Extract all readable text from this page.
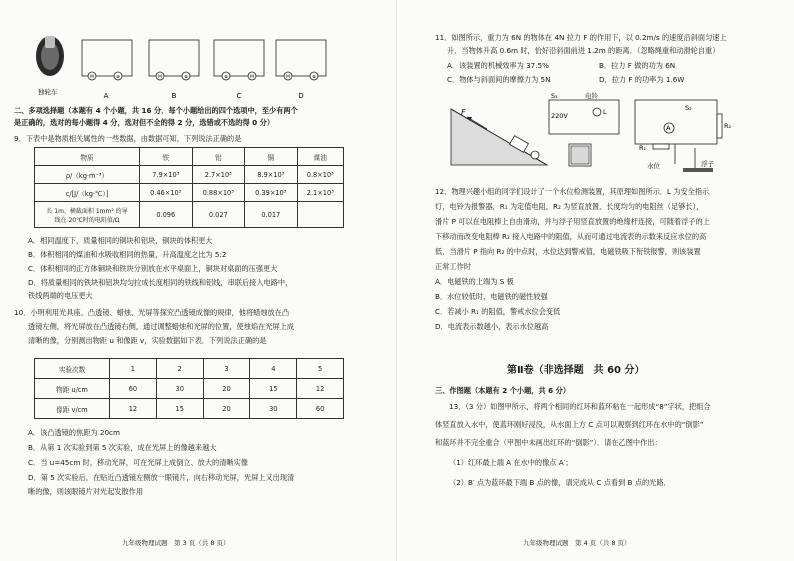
独轮车
M	⊗	M	⊗	⊗	M	M	⊗
A	B	C	D
二、多项选择题（本题有 4 个小题，共 16 分．每个小题给出的四个选项中，至少有两个
是正确的，选对的每小题得 4 分，选对但不全的得 2 分，选错或不选的得 0 分）
9．下表中是物质相关属性的一些数据，由数据可知，下列说法正确的是
物质	铁	铝	铜	煤油
ρ/（kg·m⁻³）	7.9×10³	2.7×10³	8.9×10³	0.8×10³
c/[J/（kg·℃）]	0.46×10³	0.88×10³	0.39×10³	2.1×10³
长 1m、横截面积 1mm² 的导
线在 20℃时的电阻值/Ω	0.096	0.027	0.017	
A．相同温度下，质量相同的铜块和铝块，铜块的体积更大
B．体积相同的煤油和水吸收相同的热量，升高温度之比为 5:2
C．体积相同的正方体铜块和铁块分别放在水平桌面上，铜块对桌面的压强更大
D．将质量相同的铁块和铝块均匀拉成长度相同的铁线和铝线，串联后接入电路中，
铁线两端的电压更大
10．小明利用光具座、凸透镜、蜡烛、光屏等探究凸透镜成像的规律，他将蜡烛放在凸
透镜左侧，将光屏放在凸透镜右侧，通过调整蜡烛和光屏的位置，使烛焰在光屏上成
清晰的像，分别测出物距 u 和像距 v，实验数据如下表．下列说法正确的是
实验次数	1	2	3	4	5
物距 u/cm	60	30	20	15	12
像距 v/cm	12	15	20	30	60
A．该凸透镜的焦距为 20cm
B．从第 1 次实验到第 5 次实验，成在光屏上的像越来越大
C．当 u=45cm 时，移动光屏，可在光屏上成倒立、放大的清晰实像
D．第 5 次实验后，在贴近凸透镜左侧放一眼镜片，向右移动光屏，光屏上又出现清
晰的像，则该眼镜片对光起发散作用
九年级物理试题　第 3 页（共 8 页）
11．如图所示，重力为 6N 的物体在 4N 拉力 F 的作用下，以 0.2m/s 的速度沿斜面匀速上
升．当物体升高 0.6m 时，恰好沿斜面前进 1.2m 的距离．（忽略绳重和动滑轮自重）
A．该装置的机械效率为 37.5%	B．拉力 F 做的功为 6N
C．物体与斜面间的摩擦力为 5N	D．拉力 F 的功率为 1.6W
F
S₁
220V
电铃
L
A
S₂
R₂
R₁
水位	浮子
12．物理兴趣小组的同学们设计了一个水位检测装置，其原理如图所示．L 为安全指示
灯，电铃为报警器，R₁ 为定值电阻，R₂ 为竖直放置、长度均匀的电阻丝（足够长），
滑片 P 可以在电阻棒上自由滑动，并与浮子用竖直放置的绝缘杆连接，可随着浮子的上
下移动而改变电阻棒 R₂ 接入电路中的阻值，从而可通过电流表的示数来反应水位的高
低．当滑片 P 指向 R₂ 的中点时，水位达到警戒值，电磁铁吸下衔铁报警，则该装置
正常工作时
A．电磁铁的上端为 S 极
B．水位较低时，电磁铁的磁性较强
C．若减小 R₁ 的阻值，警戒水位会变低
D．电流表示数越小，表示水位越高
第Ⅱ卷（非选择题　共 60 分）
三、作图题（本题有 2 个小题，共 6 分）
13．（3 分）如图甲所示，将两个相同的红环和蓝环粘在一起形成“8”字状，把组合
体竖直放入水中，使蓝环刚好浸没，从水面上方 C 点可以观察到红环在水中的“倒影”
和蓝环并不完全重合（甲图中未画出红环的“倒影”）．请在乙图中作出：
（1）红环最上端 A 在水中的像点 A′；
（2）B′ 点为蓝环最下端 B 点的像，请完成从 C 点看到 B 点的光路．
九年级物理试题　第 4 页（共 8 页）
